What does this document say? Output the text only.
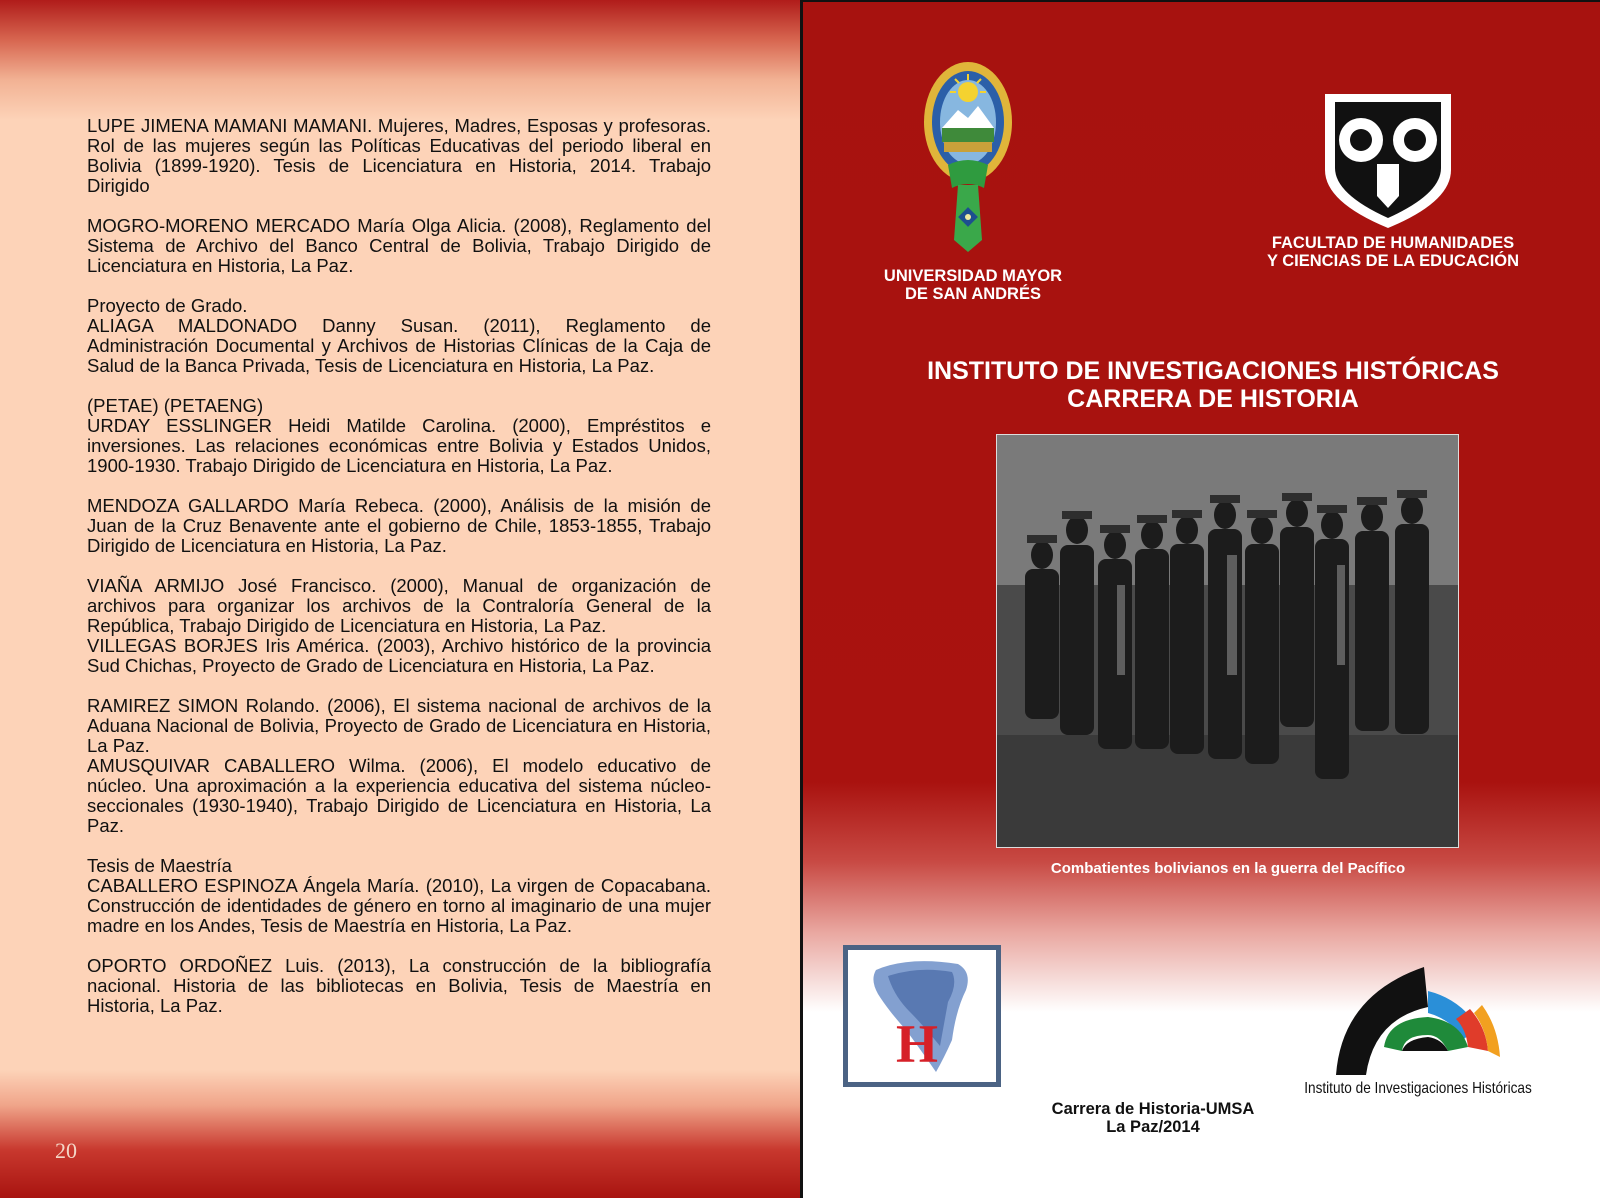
LUPE JIMENA MAMANI MAMANI. Mujeres, Madres, Esposas y profesoras. Rol de las mujeres según las Políticas Educativas del periodo liberal en Bolivia (1899-1920). Tesis de Licenciatura en Historia, 2014. Trabajo Dirigido

MOGRO-MORENO MERCADO María Olga Alicia. (2008), Reglamento del Sistema de Archivo del Banco Central de Bolivia, Trabajo Dirigido de Licenciatura en Historia, La Paz.

Proyecto de Grado.

ALIAGA MALDONADO Danny Susan. (2011), Reglamento de Administración Documental y Archivos de Historias Clínicas de la Caja de Salud de la Banca Privada, Tesis de Licenciatura en Historia, La Paz.

(PETAE) (PETAENG)

URDAY ESSLINGER Heidi Matilde Carolina. (2000), Empréstitos e inversiones. Las relaciones económicas entre Bolivia y Estados Unidos, 1900-1930. Trabajo Dirigido de Licenciatura en Historia, La Paz.

MENDOZA GALLARDO María Rebeca. (2000), Análisis de la misión de Juan de la Cruz Benavente ante el gobierno de Chile, 1853-1855, Trabajo Dirigido de Licenciatura en Historia, La Paz.

VIAÑA ARMIJO José Francisco. (2000), Manual de organización de archivos para organizar los archivos de la Contraloría General de la República, Trabajo Dirigido de Licenciatura en Historia, La Paz.

VILLEGAS BORJES Iris América. (2003), Archivo histórico de la provincia Sud Chichas, Proyecto de Grado de Licenciatura en Historia, La Paz.

RAMIREZ SIMON Rolando. (2006), El sistema nacional de archivos de la Aduana Nacional de Bolivia, Proyecto de Grado de Licenciatura en Historia, La Paz.

AMUSQUIVAR CABALLERO Wilma. (2006), El modelo educativo de núcleo. Una aproximación a la experiencia educativa del sistema núcleo-seccionales (1930-1940), Trabajo Dirigido de Licenciatura en Historia, La Paz.

Tesis de Maestría

CABALLERO ESPINOZA Ángela María. (2010), La virgen de Copacabana. Construcción de identidades de género en torno al imaginario de una mujer madre en los Andes, Tesis de Maestría en Historia, La Paz.

OPORTO ORDOÑEZ Luis. (2013), La construcción de la bibliografía nacional. Historia de las bibliotecas en Bolivia, Tesis de Maestría en Historia, La Paz.

20
UNIVERSIDAD MAYOR
DE SAN ANDRÉS
FACULTAD DE HUMANIDADES
Y CIENCIAS DE LA EDUCACIÓN
INSTITUTO DE INVESTIGACIONES HISTÓRICAS
CARRERA DE HISTORIA
Combatientes bolivianos en la guerra del Pacífico
H
Instituto de Investigaciones Históricas
Carrera de Historia-UMSA
La Paz/2014
